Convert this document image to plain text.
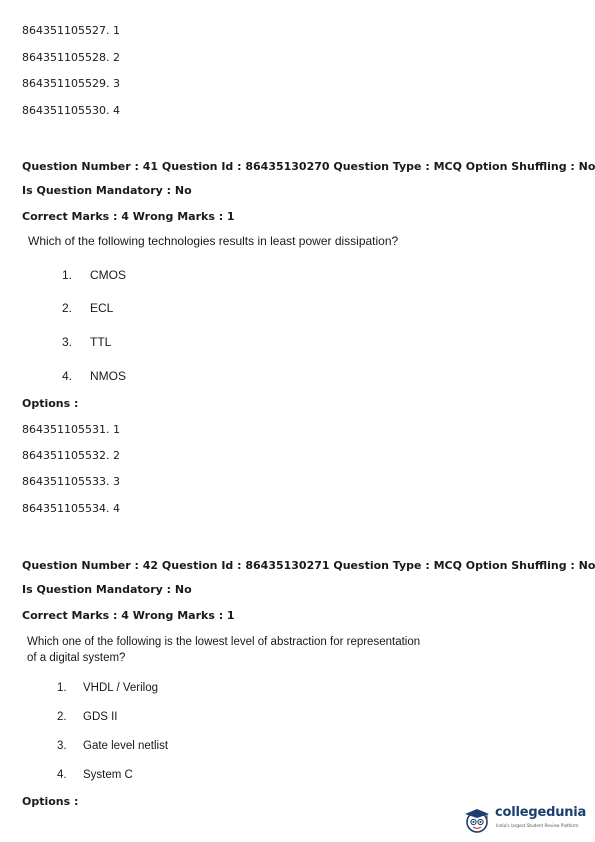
864351105527. 1
864351105528. 2
864351105529. 3
864351105530. 4
Question Number : 41 Question Id : 86435130270 Question Type : MCQ Option Shuffling : No
Is Question Mandatory : No
Correct Marks : 4 Wrong Marks : 1
Which of the following technologies results in least power dissipation?
1. CMOS
2. ECL
3. TTL
4. NMOS
Options :
864351105531. 1
864351105532. 2
864351105533. 3
864351105534. 4
Question Number : 42 Question Id : 86435130271 Question Type : MCQ Option Shuffling : No
Is Question Mandatory : No
Correct Marks : 4 Wrong Marks : 1
Which one of the following is the lowest level of abstraction for representation
of a digital system?
1. VHDL / Verilog
2. GDS II
3. Gate level netlist
4. System C
Options :
collegedunia
India's largest Student Review Platform
